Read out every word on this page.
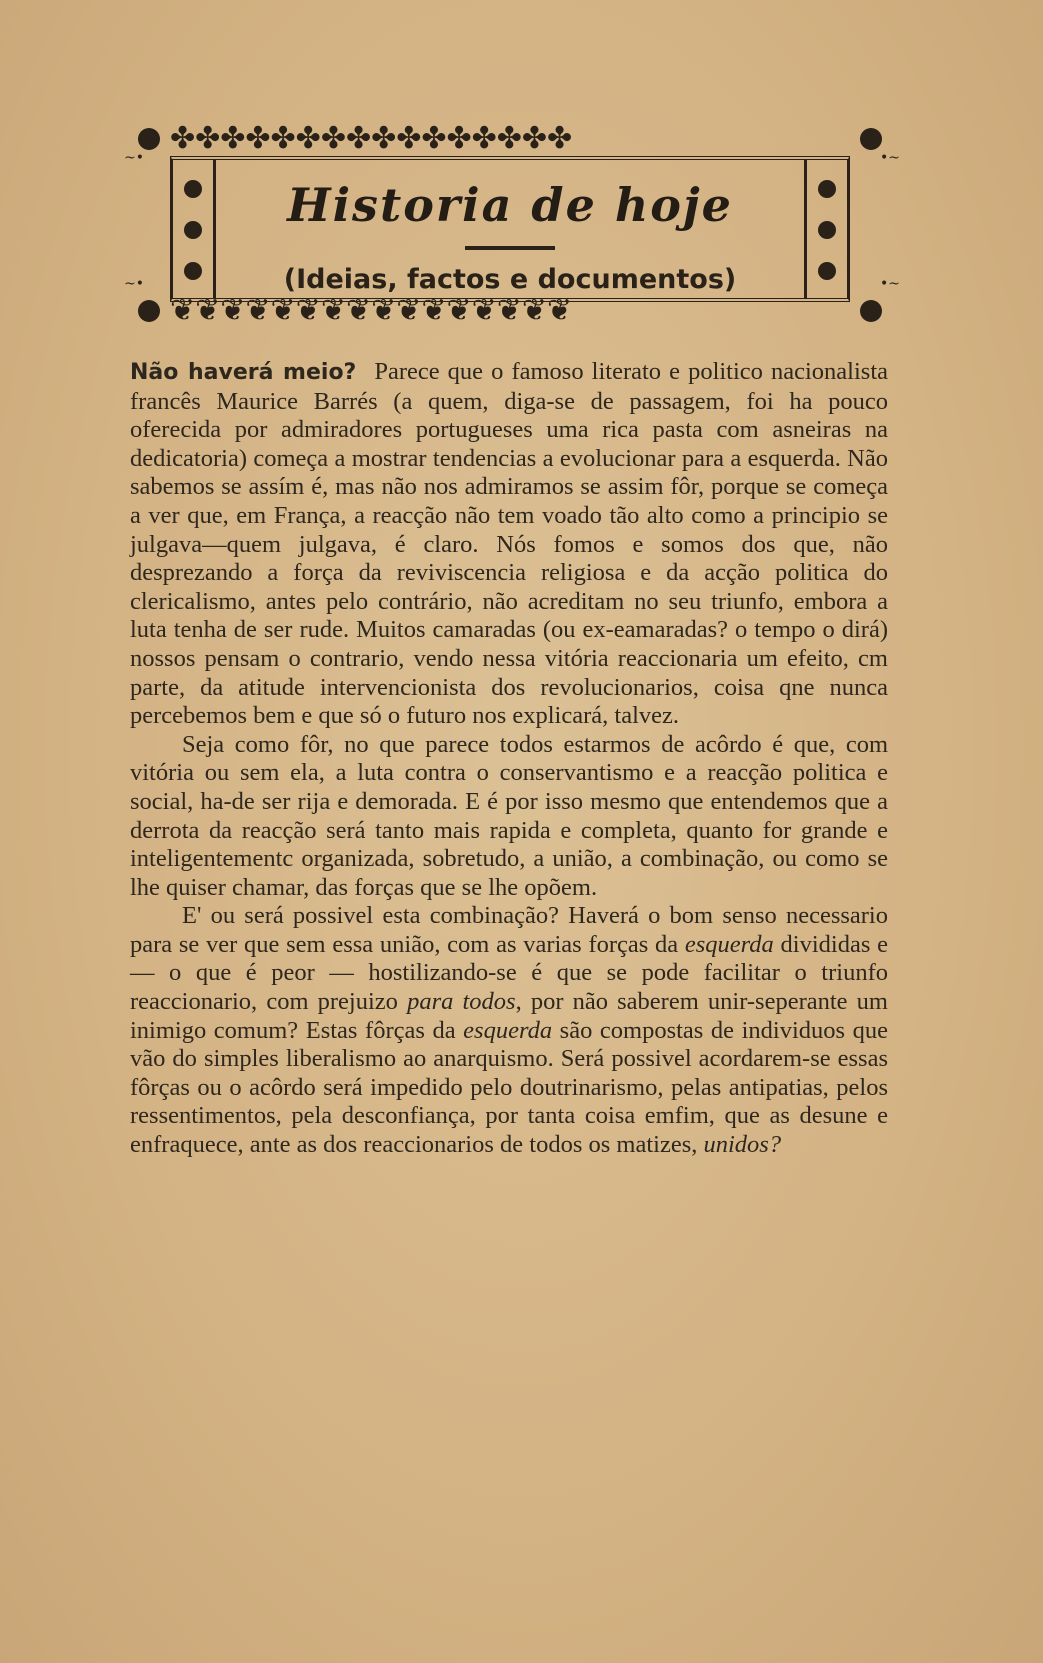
~•	•~
~•	•~
✤✤✤✤✤✤✤✤✤✤✤✤✤✤✤✤
Historia de hoje
(Ideias, factos e documentos)
❦❦❦❦❦❦❦❦❦❦❦❦❦❦❦❦

Não haverá meio? Parece que o famoso literato e politico nacionalista francês Maurice Barrés (a quem, diga-se de passagem, foi ha pouco oferecida por admiradores portugueses uma rica pasta com asneiras na dedicatoria) começa a mostrar tendencias a evolucionar para a esquerda. Não sabemos se assím é, mas não nos admiramos se assim fôr, porque se começa a ver que, em França, a reacção não tem voado tão alto como a principio se julgava—quem julgava, é claro. Nós fomos e somos dos que, não desprezando a força da reviviscencia religiosa e da acção politica do clericalismo, antes pelo contrário, não acreditam no seu triunfo, embora a luta tenha de ser rude. Muitos camaradas (ou ex-eamaradas? o tempo o dirá) nossos pensam o contrario, vendo nessa vitória reaccionaria um efeito, cm parte, da atitude intervencionista dos revolucionarios, coisa qne nunca percebemos bem e que só o futuro nos explicará, talvez.

Seja como fôr, no que parece todos estarmos de acôrdo é que, com vitória ou sem ela, a luta contra o conservantismo e a reacção politica e social, ha-de ser rija e demorada. E é por isso mesmo que entendemos que a derrota da reacção será tanto mais rapida e completa, quanto for grande e inteligentementc organizada, sobretudo, a união, a combinação, ou como se lhe quiser chamar, das forças que se lhe opõem.

E' ou será possivel esta combinação? Haverá o bom senso necessario para se ver que sem essa união, com as varias forças da esquerda divididas e — o que é peor — hostilizando-se é que se pode facilitar o triunfo reaccionario, com prejuizo para todos, por não saberem unir-seperante um inimigo comum? Estas fôrças da esquerda são compostas de individuos que vão do simples liberalismo ao anarquismo. Será possivel acordarem-se essas fôrças ou o acôrdo será impedido pelo doutrinarismo, pelas antipatias, pelos ressentimentos, pela desconfiança, por tanta coisa emfim, que as desune e enfraquece, ante as dos reaccionarios de todos os matizes, unidos?
